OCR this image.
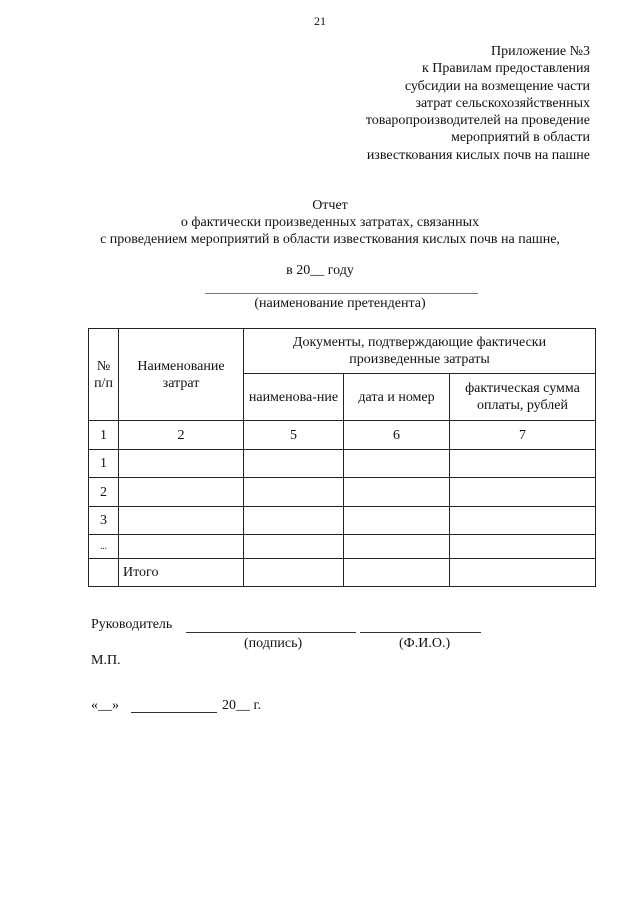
21
Приложение №3
к Правилам предоставления
субсидии на возмещение части
затрат сельскохозяйственных
товаропроизводителей на проведение
мероприятий в области
известкования кислых почв на пашне
Отчет
о фактически произведенных затратах, связанных
с проведением мероприятий в области известкования кислых почв на пашне,
в 20__ году
(наименование претендента)
№ п/п	Наименование затрат	Документы, подтверждающие фактически произведенные затраты		
		наименова-ние	дата и номер	фактическая сумма оплаты, рублей
1	2	5	6	7
1				
2				
3				
...				
	Итого			
Руководитель
(подпись)	(Ф.И.О.)
М.П.
«__»	20__ г.
